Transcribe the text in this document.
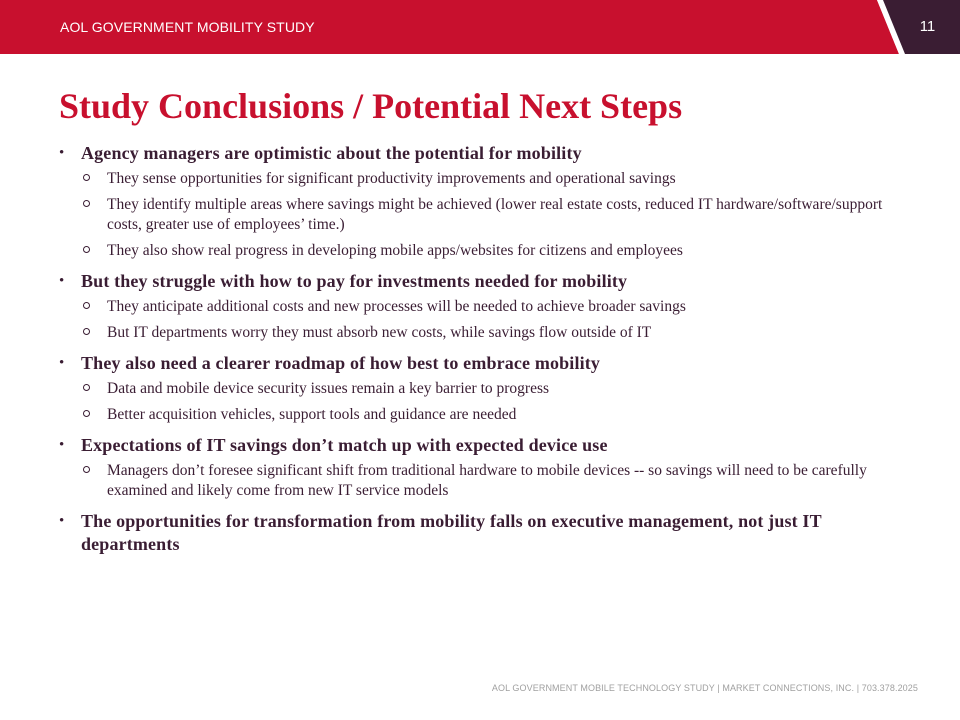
AOL GOVERNMENT MOBILITY STUDY	11
Study Conclusions / Potential Next Steps
• Agency managers are optimistic about the potential for mobility
They sense opportunities for significant productivity improvements and operational savings
They identify multiple areas where savings might be achieved (lower real estate costs, reduced IT hardware/software/support costs, greater use of employees’ time.)
They also show real progress in developing mobile apps/websites for citizens and employees
• But they struggle with how to pay for investments needed for mobility
They anticipate additional costs and new processes will be needed to achieve broader savings
But IT departments worry they must absorb new costs, while savings flow outside of IT
• They also need a clearer roadmap of how best to embrace mobility
Data and mobile device security issues remain a key barrier to progress
Better acquisition vehicles, support tools and guidance are needed
• Expectations of IT savings don’t match up with expected device use
Managers don’t foresee significant shift from traditional hardware to mobile devices -- so savings will need to be carefully examined and likely come from new IT service models
• The opportunities for transformation from mobility falls on executive management, not just IT departments
AOL GOVERNMENT MOBILE TECHNOLOGY STUDY | MARKET CONNECTIONS, INC. | 703.378.2025
